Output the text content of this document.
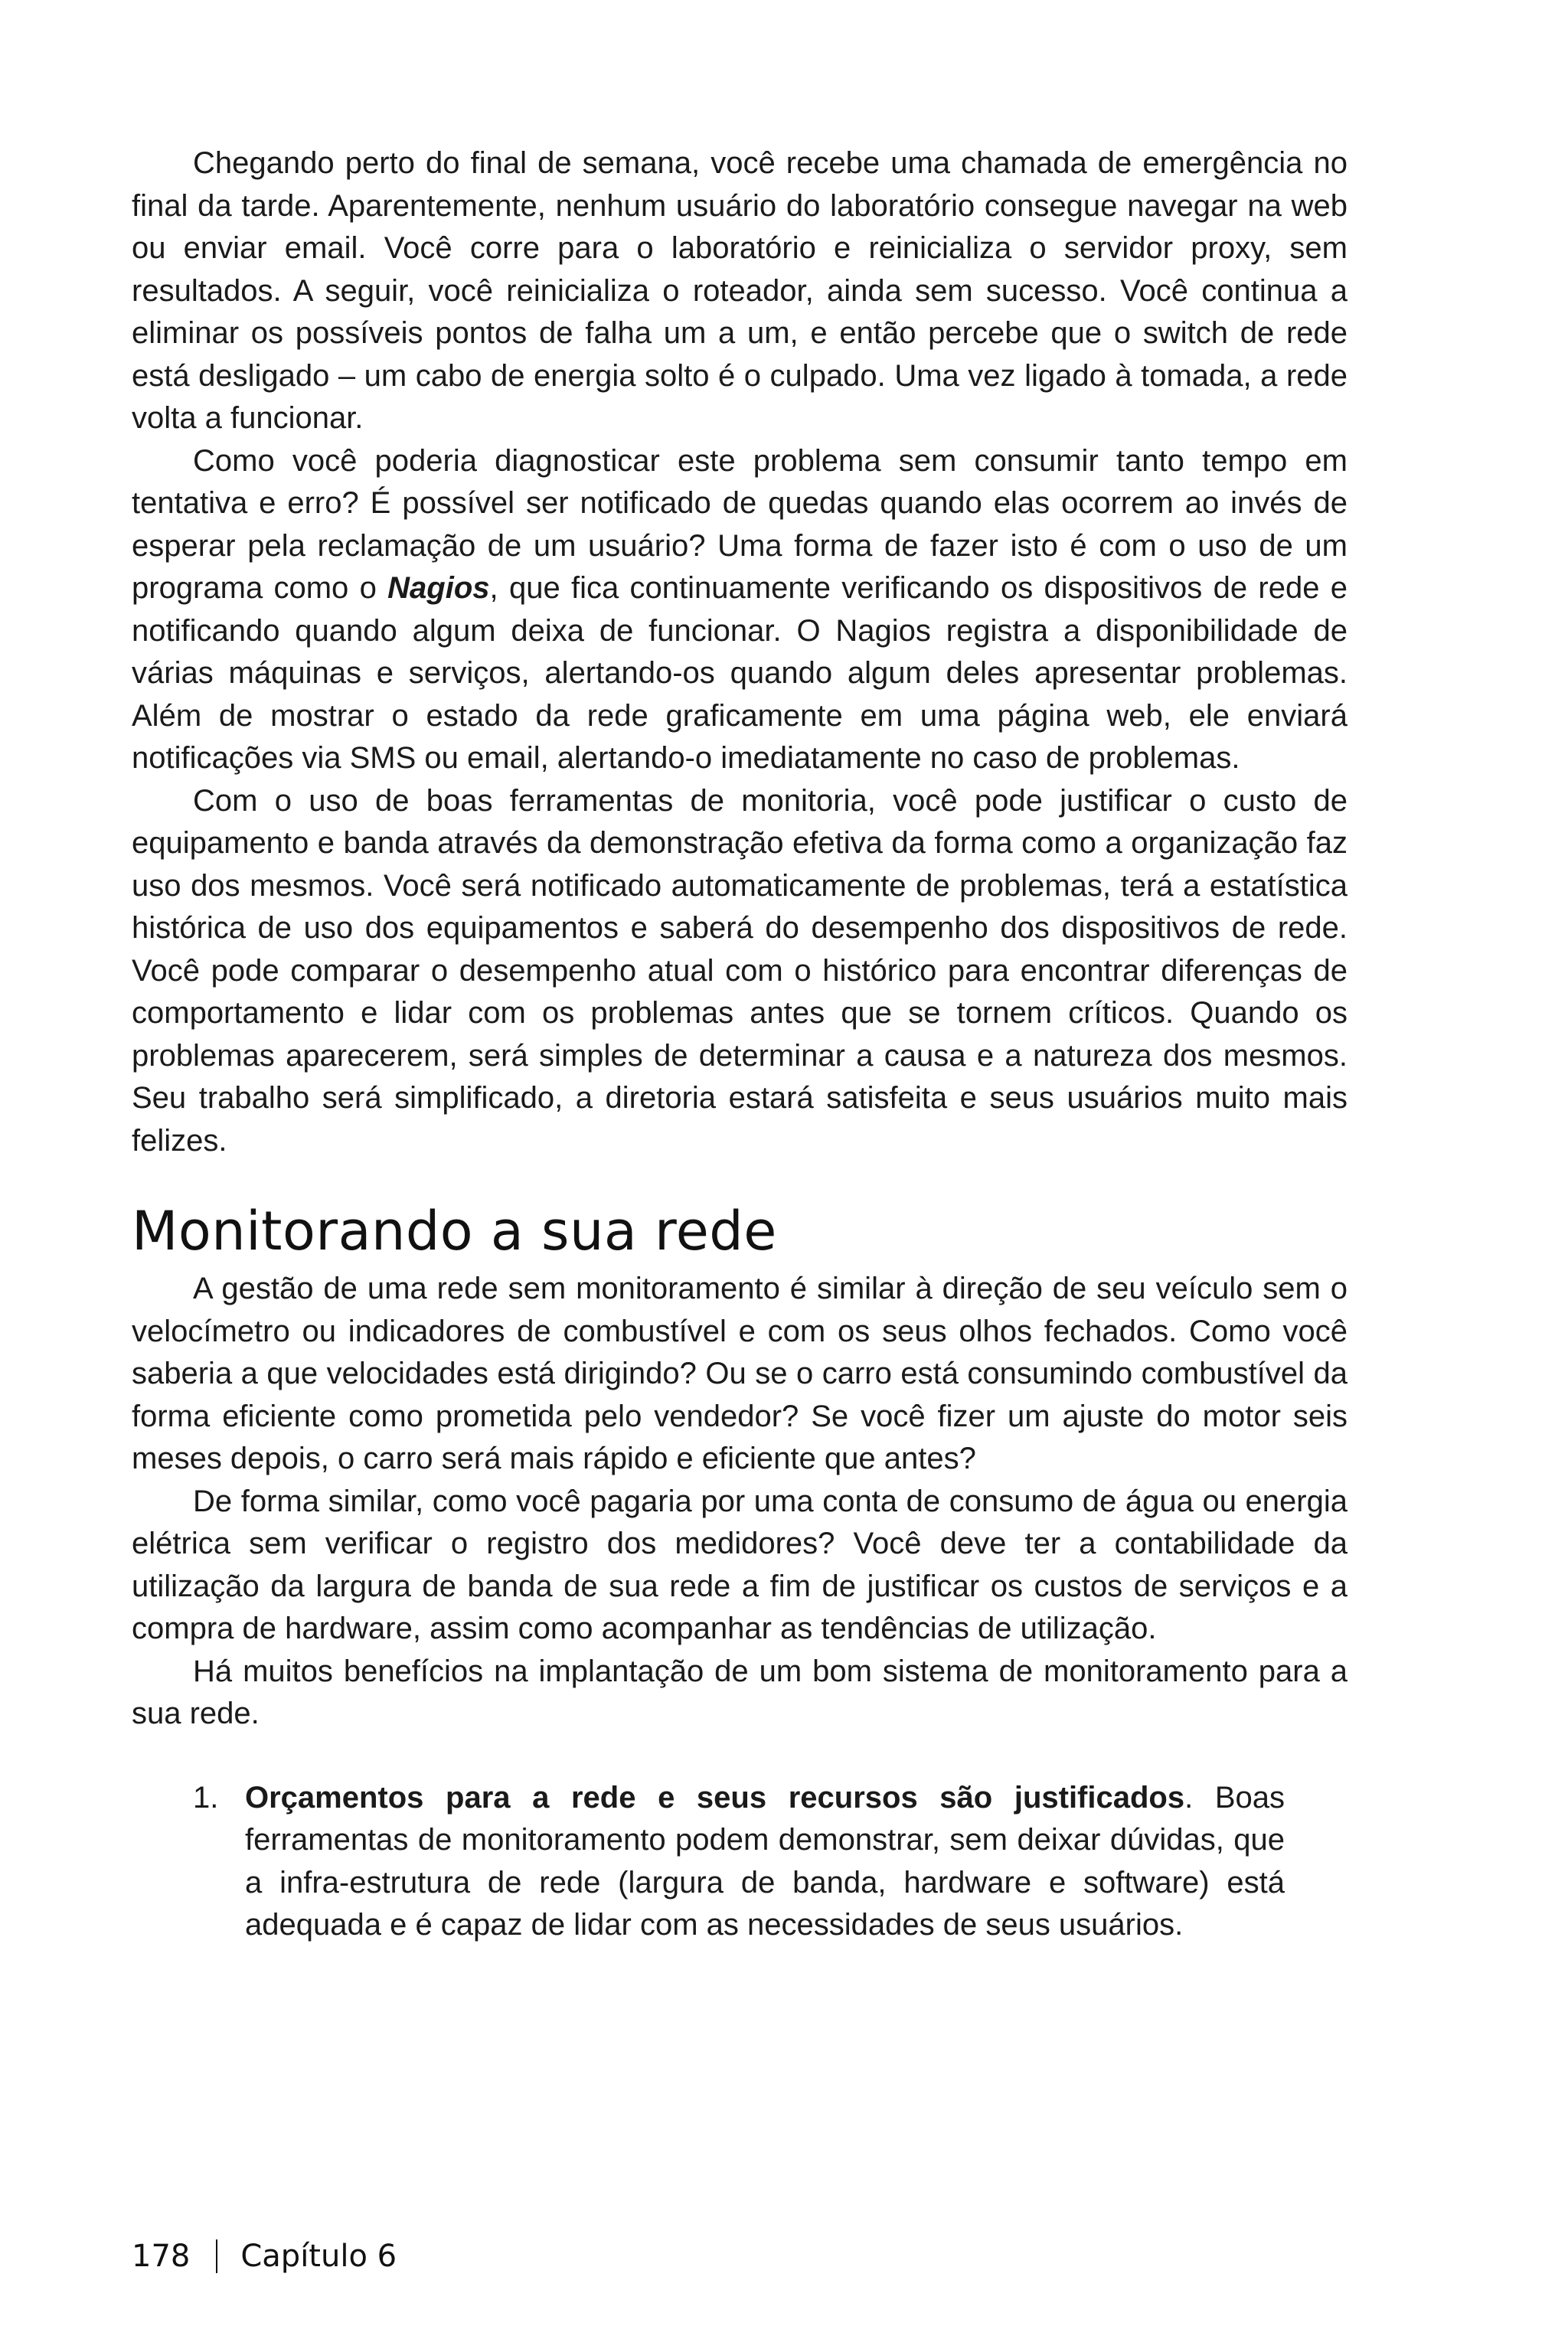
Chegando perto do final de semana, você recebe uma chamada de emergência no final da tarde. Aparentemente, nenhum usuário do laboratório consegue navegar na web ou enviar email. Você corre para o laboratório e reinicializa o servidor proxy, sem resultados. A seguir, você reinicializa o roteador, ainda sem sucesso. Você continua a eliminar os possíveis pontos de falha um a um, e então percebe que o switch de rede está desligado – um cabo de energia solto é o culpado. Uma vez ligado à tomada, a rede volta a funcionar.

Como você poderia diagnosticar este problema sem consumir tanto tempo em tentativa e erro? É possível ser notificado de quedas quando elas ocorrem ao invés de esperar pela reclamação de um usuário? Uma forma de fazer isto é com o uso de um programa como o Nagios, que fica continuamente verificando os dispositivos de rede e notificando quando algum deixa de funcionar. O Nagios registra a disponibilidade de várias máquinas e serviços, alertando-os quando algum deles apresentar problemas. Além de mostrar o estado da rede graficamente em uma página web, ele enviará notificações via SMS ou email, alertando-o imediatamente no caso de problemas.

Com o uso de boas ferramentas de monitoria, você pode justificar o custo de equipamento e banda através da demonstração efetiva da forma como a organização faz uso dos mesmos. Você será notificado automaticamente de problemas, terá a estatística histórica de uso dos equipamentos e saberá do desempenho dos dispositivos de rede. Você pode comparar o desempenho atual com o histórico para encontrar diferenças de comportamento e lidar com os problemas antes que se tornem críticos. Quando os problemas aparecerem, será simples de determinar a causa e a natureza dos mesmos. Seu trabalho será simplificado, a diretoria estará satisfeita e seus usuários muito mais felizes.

Monitorando a sua rede

A gestão de uma rede sem monitoramento é similar à direção de seu veículo sem o velocímetro ou indicadores de combustível e com os seus olhos fechados. Como você saberia a que velocidades está dirigindo? Ou se o carro está consumindo combustível da forma eficiente como prometida pelo vendedor? Se você fizer um ajuste do motor seis meses depois, o carro será mais rápido e eficiente que antes?

De forma similar, como você pagaria por uma conta de consumo de água ou energia elétrica sem verificar o registro dos medidores? Você deve ter a contabilidade da utilização da largura de banda de sua rede a fim de justificar os custos de serviços e a compra de hardware, assim como acompanhar as tendências de utilização.

Há muitos benefícios na implantação de um bom sistema de monitoramento para a sua rede.

1. Orçamentos para a rede e seus recursos são justificados. Boas ferramentas de monitoramento podem demonstrar, sem deixar dúvidas, que a infra-estrutura de rede (largura de banda, hardware e software) está adequada e é capaz de lidar com as necessidades de seus usuários.
178 Capítulo 6
